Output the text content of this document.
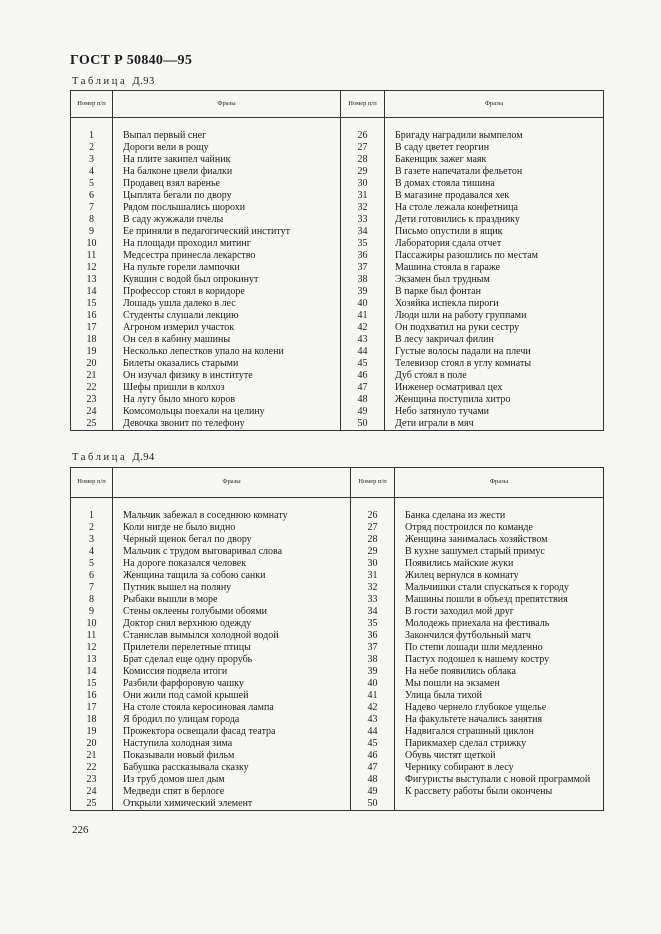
ГОСТ Р 50840—95
Таблица Д.93
Номер п/п	Фразы	Номер п/п	Фразы

1	Выпал первый снег	26	Бригаду наградили вымпелом
2	Дороги вели в рощу	27	В саду цветет георгин
3	На плите закипел чайник	28	Бакенщик зажег маяк
4	На балконе цвели фиалки	29	В газете напечатали фельетон
5	Продавец взял варенье	30	В домах стояла тишина
6	Цыплята бегали по двору	31	В магазине продавался хек
7	Рядом послышались шорохи	32	На столе лежала конфетница
8	В саду жужжали пчелы	33	Дети готовились к празднику
9	Ее приняли в педагогический институт	34	Письмо опустили в ящик
10	На площади проходил митинг	35	Лаборатория сдала отчет
11	Медсестра принесла лекарство	36	Пассажиры разошлись по местам
12	На пульте горели лампочки	37	Машина стояла в гараже
13	Кувшин с водой был опрокинут	38	Экзамен был трудным
14	Профессор стоял в коридоре	39	В парке был фонтан
15	Лошадь ушла далеко в лес	40	Хозяйка испекла пироги
16	Студенты слушали лекцию	41	Люди шли на работу группами
17	Агроном измерил участок	42	Он подхватил на руки сестру
18	Он сел в кабину машины	43	В лесу закричал филин
19	Несколько лепестков упало на колени	44	Густые волосы падали на плечи
20	Билеты оказались старыми	45	Телевизор стоял в углу комнаты
21	Он изучал физику в институте	46	Дуб стоял в поле
22	Шефы пришли в колхоз	47	Инженер осматривал цех
23	На лугу было много коров	48	Женщина поступила хитро
24	Комсомольцы поехали на целину	49	Небо затянуло тучами
25	Девочка звонит по телефону	50	Дети играли в мяч
Таблица Д.94
Номер п/п	Фразы	Номер п/п	Фразы

1	Мальчик забежал в соседнюю комнату	26	Банка сделана из жести
2	Коли нигде не было видно	27	Отряд построился по команде
3	Черный щенок бегал по двору	28	Женщина занималась хозяйством
4	Мальчик с трудом выговаривал слова	29	В кухне зашумел старый примус
5	На дороге показался человек	30	Появились майские жуки
6	Женщина тащила за собою санки	31	Жилец вернулся в комнату
7	Путник вышел на поляну	32	Мальчишки стали спускаться к городу
8	Рыбаки вышли в море	33	Машины пошли в объезд препятствия
9	Стены оклеены голубыми обоями	34	В гости заходил мой друг
10	Доктор снял верхнюю одежду	35	Молодежь приехала на фестиваль
11	Станислав вымылся холодной водой	36	Закончился футбольный матч
12	Прилетели перелетные птицы	37	По степи лошади шли медленно
13	Брат сделал еще одну прорубь	38	Пастух подошел к нашему костру
14	Комиссия подвела итоги	39	На небе появились облака
15	Разбили фарфоровую чашку	40	Мы пошли на экзамен
16	Они жили под самой крышей	41	Улица была тихой
17	На столе стояла керосиновая лампа	42	Надево чернело глубокое ущелье
18	Я бродил по улицам города	43	На факультете начались занятия
19	Прожектора освещали фасад театра	44	Надвигался страшный циклон
20	Наступила холодная зима	45	Парикмахер сделал стрижку
21	Показывали новый фильм	46	Обувь чистят щеткой
22	Бабушка рассказывала сказку	47	Чернику собирают в лесу
23	Из труб домов шел дым	48	Фигуристы выступали с новой программой
24	Медведи спят в берлоге	49	К рассвету работы были окончены
25	Открыли химический элемент	50	
226
